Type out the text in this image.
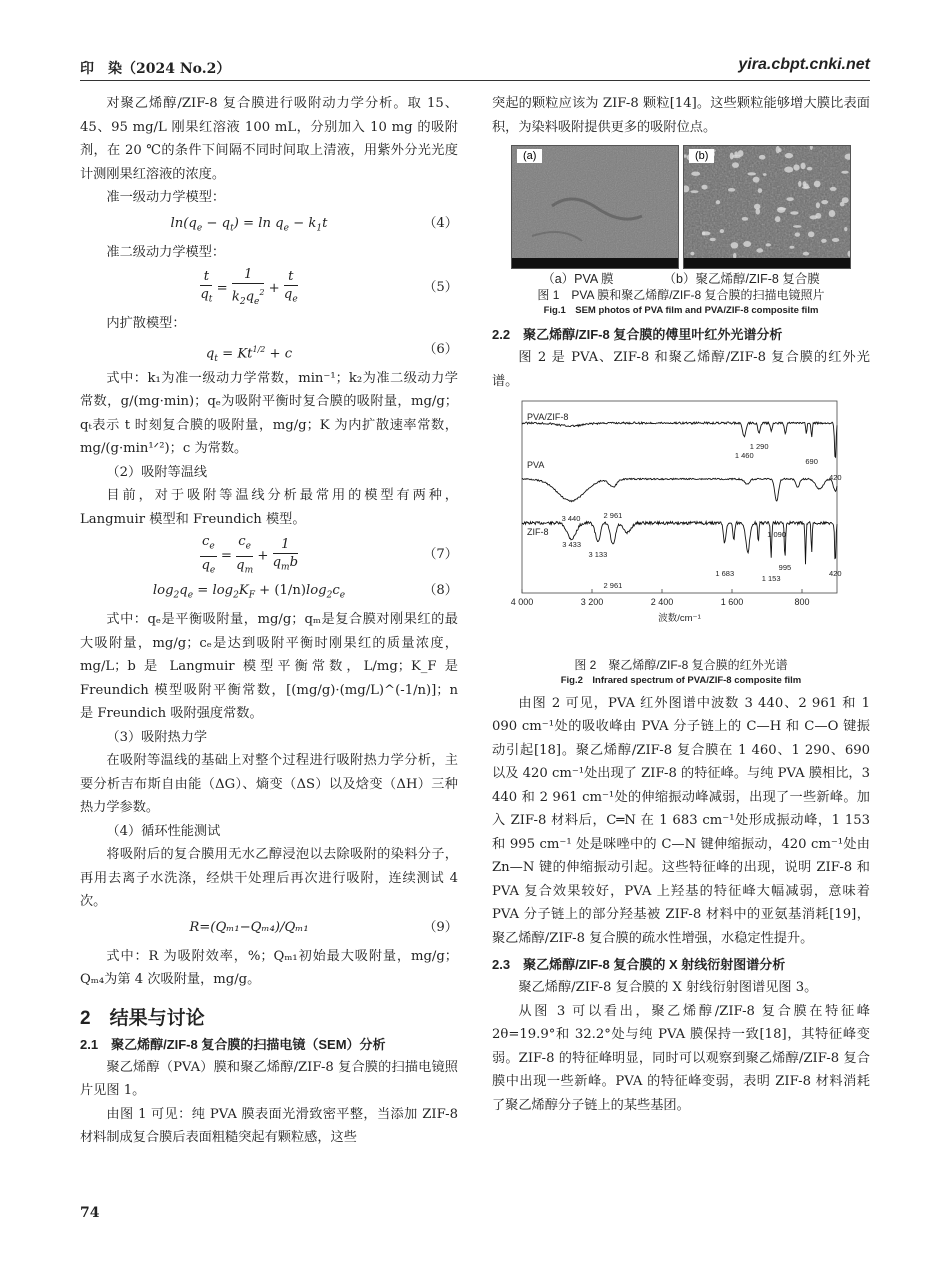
印　染（2024 No.2）	yira.cbpt.cnki.net

对聚乙烯醇/ZIF-8 复合膜进行吸附动力学分析。取 15、45、95 mg/L 刚果红溶液 100 mL，分别加入 10 mg 的吸附剂，在 20 ℃的条件下间隔不同时间取上清液，用紫外分光光度计测刚果红溶液的浓度。

准一级动力学模型：

$\ln(q_e - q_t) = \ln q_e - k_1t$	（4）

准二级动力学模型：

$\frac{t}{q_t} = \frac{1}{k_2q_e^2} + \frac{t}{q_e}$	（5）

内扩散模型：

$q_t = Kt^{1/2} + c$	（6）

式中：k₁为准一级动力学常数，min⁻¹；k₂为准二级动力学常数，g/(mg·min)；qₑ为吸附平衡时复合膜的吸附量，mg/g；qₜ表示 t 时刻复合膜的吸附量，mg/g；K 为内扩散速率常数，mg/(g·min¹ᐟ²)；c 为常数。

（2）吸附等温线

目前，对于吸附等温线分析最常用的模型有两种，Langmuir 模型和 Freundich 模型。

$\frac{c_e}{q_e} = \frac{c_e}{q_m} + \frac{1}{q_mb}$	（7）
$\log_2q_e = \log_2K_F + (1/n)\log_2c_e$	（8）

式中：qₑ是平衡吸附量，mg/g；qₘ是复合膜对刚果红的最大吸附量，mg/g；cₑ是达到吸附平衡时刚果红的质量浓度，mg/L；b 是 Langmuir 模型平衡常数，L/mg；K_F 是 Freundich 模型吸附平衡常数，[(mg/g)·(mg/L)^(-1/n)]；n 是 Freundich 吸附强度常数。

（3）吸附热力学

在吸附等温线的基础上对整个过程进行吸附热力学分析，主要分析吉布斯自由能（ΔG）、熵变（ΔS）以及焓变（ΔH）三种热力学参数。

（4）循环性能测试

将吸附后的复合膜用无水乙醇浸泡以去除吸附的染料分子，再用去离子水洗涤，经烘干处理后再次进行吸附，连续测试 4 次。

R=(Qₘ₁−Qₘ₄)/Qₘ₁	（9）

式中：R 为吸附效率，%；Qₘ₁初始最大吸附量，mg/g；Qₘ₄为第 4 次吸附量，mg/g。

2　结果与讨论
2.1　聚乙烯醇/ZIF-8 复合膜的扫描电镜（SEM）分析

聚乙烯醇（PVA）膜和聚乙烯醇/ZIF-8 复合膜的扫描电镜照片见图 1。

由图 1 可见：纯 PVA 膜表面光滑致密平整，当添加 ZIF-8 材料制成复合膜后表面粗糙突起有颗粒感，这些

突起的颗粒应该为 ZIF-8 颗粒[14]。这些颗粒能够增大膜比表面积，为染料吸附提供更多的吸附位点。

(a)	(b)
（a）PVA 膜	（b）聚乙烯醇/ZIF-8 复合膜
图 1　PVA 膜和聚乙烯醇/ZIF-8 复合膜的扫描电镜照片
Fig.1　SEM photos of PVA film and PVA/ZIF-8 composite film
2.2　聚乙烯醇/ZIF-8 复合膜的傅里叶红外光谱分析

图 2 是 PVA、ZIF-8 和聚乙烯醇/ZIF-8 复合膜的红外光谱。

PVA/ZIF-8
PVA
ZIF-8
1 460
1 290
690
420
3 440	2 961
1 090
3 433
3 133
2 961
1 683
995
1 153
420
4 000	3 200	2 400	1 600	800
波数/cm⁻¹
图 2　聚乙烯醇/ZIF-8 复合膜的红外光谱
Fig.2　Infrared spectrum of PVA/ZIF-8 composite film

由图 2 可见，PVA 红外图谱中波数 3 440、2 961 和 1 090 cm⁻¹处的吸收峰由 PVA 分子链上的 C—H 和 C—O 键振动引起[18]。聚乙烯醇/ZIF-8 复合膜在 1 460、1 290、690 以及 420 cm⁻¹处出现了 ZIF-8 的特征峰。与纯 PVA 膜相比，3 440 和 2 961 cm⁻¹处的伸缩振动峰减弱，出现了一些新峰。加入 ZIF-8 材料后，C═N 在 1 683 cm⁻¹处形成振动峰，1 153 和 995 cm⁻¹ 处是咪唑中的 C—N 键伸缩振动，420 cm⁻¹处由 Zn—N 键的伸缩振动引起。这些特征峰的出现，说明 ZIF-8 和 PVA 复合效果较好，PVA 上羟基的特征峰大幅减弱，意味着 PVA 分子链上的部分羟基被 ZIF-8 材料中的亚氨基消耗[19]，聚乙烯醇/ZIF-8 复合膜的疏水性增强，水稳定性提升。

2.3　聚乙烯醇/ZIF-8 复合膜的 X 射线衍射图谱分析

聚乙烯醇/ZIF-8 复合膜的 X 射线衍射图谱见图 3。

从图 3 可以看出，聚乙烯醇/ZIF-8 复合膜在特征峰 2θ=19.9°和 32.2°处与纯 PVA 膜保持一致[18]，其特征峰变弱。ZIF-8 的特征峰明显，同时可以观察到聚乙烯醇/ZIF-8 复合膜中出现一些新峰。PVA 的特征峰变弱，表明 ZIF-8 材料消耗了聚乙烯醇分子链上的某些基团。

74
